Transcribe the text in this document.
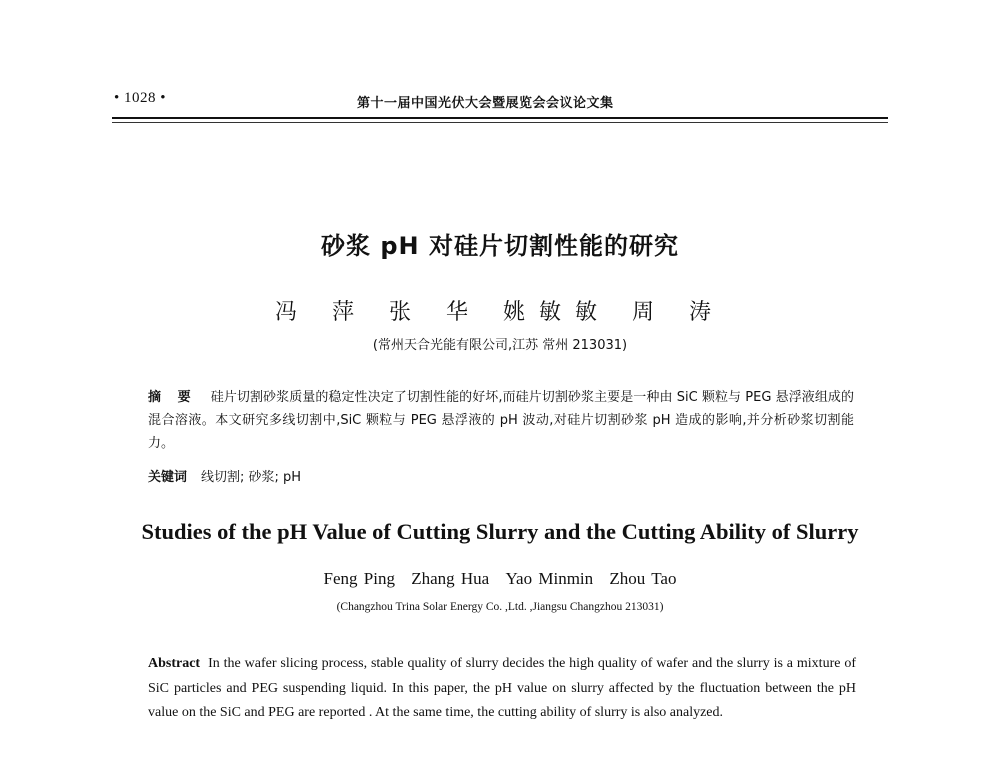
• 1028 •	第十一届中国光伏大会暨展览会会议论文集
砂浆 pH 对硅片切割性能的研究
冯 萍 张 华 姚敏敏 周 涛
(常州天合光能有限公司,江苏 常州 213031)
摘 要 硅片切割砂浆质量的稳定性决定了切割性能的好坏,而硅片切割砂浆主要是一种由 SiC 颗粒与 PEG 悬浮液组成的混合溶液。本文研究多线切割中,SiC 颗粒与 PEG 悬浮液的 pH 波动,对硅片切割砂浆 pH 造成的影响,并分析砂浆切割能力。
关键词 线切割; 砂浆; pH
Studies of the pH Value of Cutting Slurry and the Cutting Ability of Slurry
Feng Ping Zhang Hua Yao Minmin Zhou Tao
(Changzhou Trina Solar Energy Co. ,Ltd. ,Jiangsu Changzhou 213031)
Abstract In the wafer slicing process, stable quality of slurry decides the high quality of wafer and the slurry is a mixture of SiC particles and PEG suspending liquid. In this paper, the pH value on slurry affected by the fluctuation between the pH value on the SiC and PEG are reported . At the same time, the cutting ability of slurry is also analyzed.
